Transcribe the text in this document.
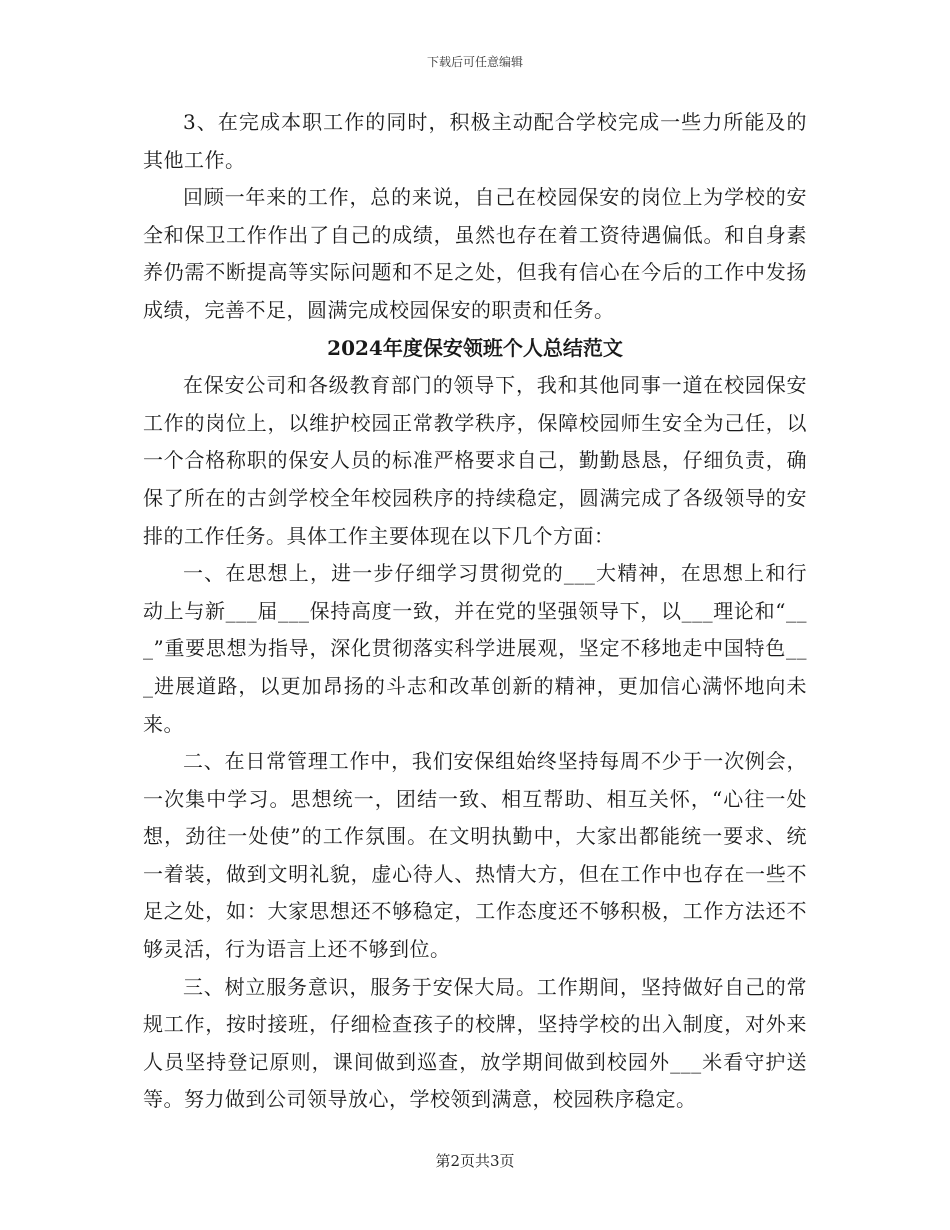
下载后可任意编辑

3、在完成本职工作的同时，积极主动配合学校完成一些力所能及的其他工作。

回顾一年来的工作，总的来说，自己在校园保安的岗位上为学校的安全和保卫工作作出了自己的成绩，虽然也存在着工资待遇偏低。和自身素养仍需不断提高等实际问题和不足之处，但我有信心在今后的工作中发扬成绩，完善不足，圆满完成校园保安的职责和任务。

2024年度保安领班个人总结范文

在保安公司和各级教育部门的领导下，我和其他同事一道在校园保安工作的岗位上，以维护校园正常教学秩序，保障校园师生安全为己任，以一个合格称职的保安人员的标准严格要求自己，勤勤恳恳，仔细负责，确保了所在的古剑学校全年校园秩序的持续稳定，圆满完成了各级领导的安排的工作任务。具体工作主要体现在以下几个方面：

一、在思想上，进一步仔细学习贯彻党的___大精神，在思想上和行动上与新___届___保持高度一致，并在党的坚强领导下，以___理论和“___”重要思想为指导，深化贯彻落实科学进展观，坚定不移地走中国特色___进展道路，以更加昂扬的斗志和改革创新的精神，更加信心满怀地向未来。

二、在日常管理工作中，我们安保组始终坚持每周不少于一次例会，一次集中学习。思想统一，团结一致、相互帮助、相互关怀，“心往一处想，劲往一处使”的工作氛围。在文明执勤中，大家出都能统一要求、统一着装，做到文明礼貌，虚心待人、热情大方，但在工作中也存在一些不足之处，如：大家思想还不够稳定，工作态度还不够积极，工作方法还不够灵活，行为语言上还不够到位。

三、树立服务意识，服务于安保大局。工作期间，坚持做好自己的常规工作，按时接班，仔细检查孩子的校牌，坚持学校的出入制度，对外来人员坚持登记原则，课间做到巡查，放学期间做到校园外___米看守护送等。努力做到公司领导放心，学校领到满意，校园秩序稳定。

第2页共3页
